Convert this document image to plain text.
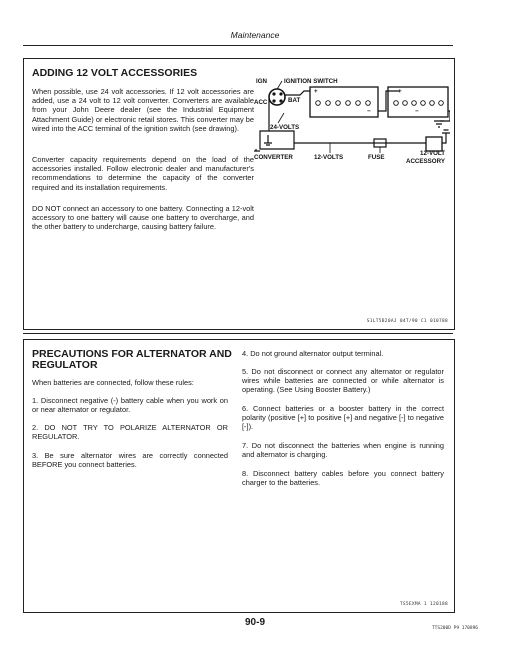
Maintenance
ADDING 12 VOLT ACCESSORIES

When possible, use 24 volt accessories. If 12 volt accessories are added, use a 24 volt to 12 volt converter. Converters are available from your John Deere dealer (see the Industrial Equipment Attachment Guide) or electronic retail stores. This converter may be wired into the ACC terminal of the ignition switch (see drawing).

Converter capacity requirements depend on the load of the accessories installed. Follow electronic dealer and manufacturer's recommendations to determine the capacity of the converter required and its installation requirements.

DO NOT connect an accessory to one battery. Connecting a 12-volt accessory to one battery will cause one battery to overcharge, and the other battery to undercharge, causing battery failure.

IGN	IGNITION SWITCH
ACC	BAT
+
−
+
24-VOLTS
CONVERTER	12-VOLTS	FUSE
12-VOLT
ACCESSORY
−
S1LT5B20AJ 04T/90 C1 010788
PRECAUTIONS FOR ALTERNATOR AND
REGULATOR

When batteries are connected, follow these rules:

1. Disconnect negative (-) battery cable when you work on or near alternator or regulator.

2. DO NOT TRY TO POLARIZE ALTERNATOR OR REGULATOR.

3. Be sure alternator wires are correctly connected BEFORE you connect batteries.

4. Do not ground alternator output terminal.

5. Do not disconnect or connect any alternator or regulator wires while batteries are connected or while alternator is operating. (See Using Booster Battery.)

6. Connect batteries or a booster battery in the correct polarity (positive [+] to positive [+] and negative [-] to negative [-]).

7. Do not disconnect the batteries when engine is running and alternator is charging.

8. Disconnect battery cables before you connect battery charger to the batteries.

TS5EXMA 1 120188
90-9
TTS200D P9 170896
